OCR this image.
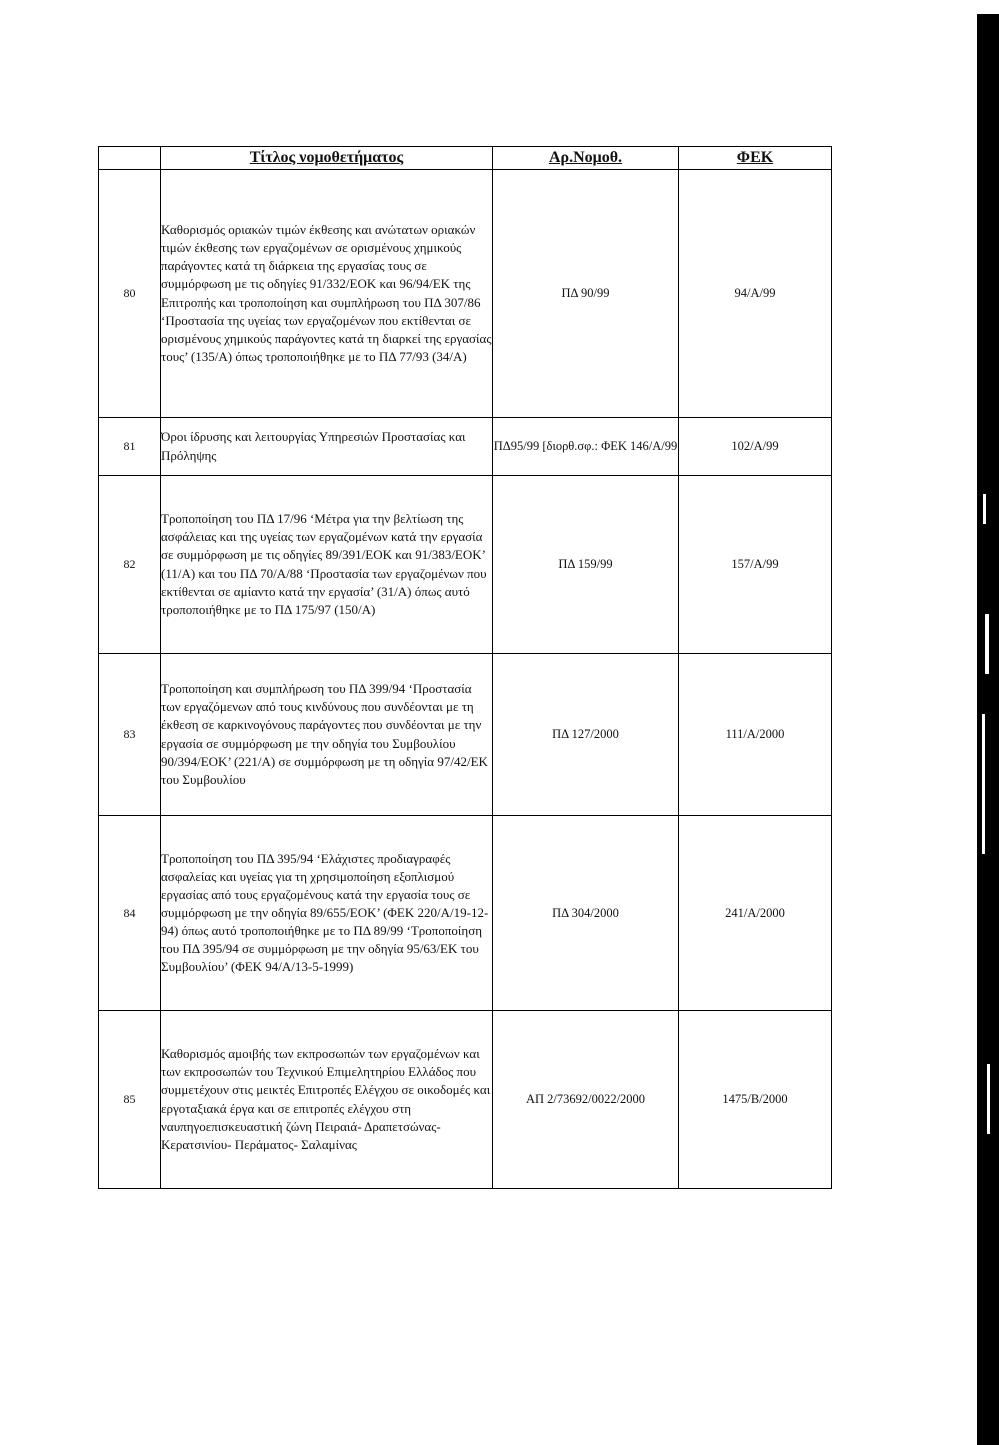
	Τίτλος νομοθετήματος	Αρ.Νομοθ.	ΦΕΚ
80	Καθορισμός οριακών τιμών έκθεσης και ανώτατων οριακών τιμών έκθεσης των εργαζομένων σε ορισμένους χημικούς παράγοντες κατά τη διάρκεια της εργασίας τους σε συμμόρφωση με τις οδηγίες 91/332/ΕΟΚ και 96/94/ΕΚ της Επιτροπής και τροποποίηση και συμπλήρωση του ΠΔ 307/86 ‘Προστασία της υγείας των εργαζομένων που εκτίθενται σε ορισμένους χημικούς παράγοντες κατά τη διαρκεί της εργασίας τους’ (135/Α) όπως τροποποιήθηκε με το ΠΔ 77/93 (34/Α)	ΠΔ 90/99	94/Α/99
81	Όροι ίδρυσης και λειτουργίας Υπηρεσιών Προστασίας και Πρόληψης	ΠΔ95/99 [διορθ.σφ.: ΦΕΚ 146/Α/99	102/Α/99
82	Τροποποίηση του ΠΔ 17/96 ‘Μέτρα για την βελτίωση της ασφάλειας και της υγείας των εργαζομένων κατά την εργασία σε συμμόρφωση με τις οδηγίες 89/391/ΕΟΚ και 91/383/ΕΟΚ’ (11/Α) και του ΠΔ 70/Α/88 ‘Προστασία των εργαζομένων που εκτίθενται σε αμίαντο κατά την εργασία’ (31/Α) όπως αυτό τροποποιήθηκε με το ΠΔ 175/97 (150/Α)	ΠΔ 159/99	157/Α/99
83	Τροποποίηση και συμπλήρωση του ΠΔ 399/94 ‘Προστασία των εργαζόμενων από τους κινδύνους που συνδέονται με τη έκθεση σε καρκινογόνους παράγοντες που συνδέονται με την εργασία σε συμμόρφωση με την οδηγία του Συμβουλίου 90/394/ΕΟΚ’ (221/Α) σε συμμόρφωση με τη οδηγία 97/42/ΕΚ του Συμβουλίου	ΠΔ 127/2000	111/Α/2000
84	Τροποποίηση του ΠΔ 395/94 ‘Ελάχιστες προδιαγραφές ασφαλείας και υγείας για τη χρησιμοποίηση εξοπλισμού εργασίας από τους εργαζομένους κατά την εργασία τους σε συμμόρφωση με την οδηγία 89/655/ΕΟΚ’ (ΦΕΚ 220/Α/19-12-94) όπως αυτό τροποποιήθηκε με το ΠΔ 89/99 ‘Τροποποίηση του ΠΔ 395/94 σε συμμόρφωση με την οδηγία 95/63/ΕΚ του Συμβουλίου’ (ΦΕΚ 94/Α/13-5-1999)	ΠΔ 304/2000	241/Α/2000
85	Καθορισμός αμοιβής των εκπροσωπών των εργαζομένων και των εκπροσωπών του Τεχνικού Επιμελητηρίου Ελλάδος που συμμετέχουν στις μεικτές Επιτροπές Ελέγχου σε οικοδομές και εργοταξιακά έργα και σε επιτροπές ελέγχου στη ναυπηγοεπισκευαστική ζώνη Πειραιά- Δραπετσώνας- Κερατσινίου- Περάματος- Σαλαμίνας	ΑΠ 2/73692/0022/2000	1475/Β/2000
